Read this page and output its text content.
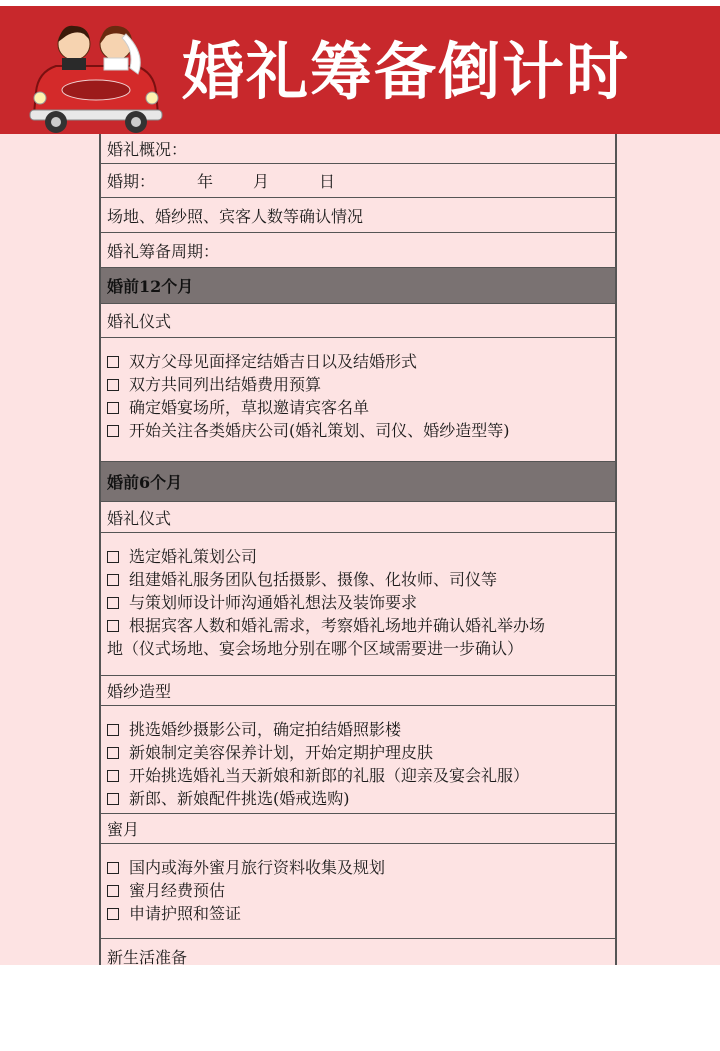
婚礼筹备倒计时
婚礼概况：
婚期：	年	月	日
场地、婚纱照、宾客人数等确认情况
婚礼筹备周期：
婚前12个月
婚礼仪式
双方父母见面择定结婚吉日以及结婚形式
双方共同列出结婚费用预算
确定婚宴场所，草拟邀请宾客名单
开始关注各类婚庆公司(婚礼策划、司仪、婚纱造型等)
婚前6个月
婚礼仪式
选定婚礼策划公司
组建婚礼服务团队包括摄影、摄像、化妆师、司仪等
与策划师设计师沟通婚礼想法及装饰要求
根据宾客人数和婚礼需求，考察婚礼场地并确认婚礼举办场
地（仪式场地、宴会场地分别在哪个区域需要进一步确认）
婚纱造型
挑选婚纱摄影公司，确定拍结婚照影楼
新娘制定美容保养计划，开始定期护理皮肤
开始挑选婚礼当天新娘和新郎的礼服（迎亲及宴会礼服）
新郎、新娘配件挑选(婚戒选购)
蜜月
国内或海外蜜月旅行资料收集及规划
蜜月经费预估
申请护照和签证
新生活准备
